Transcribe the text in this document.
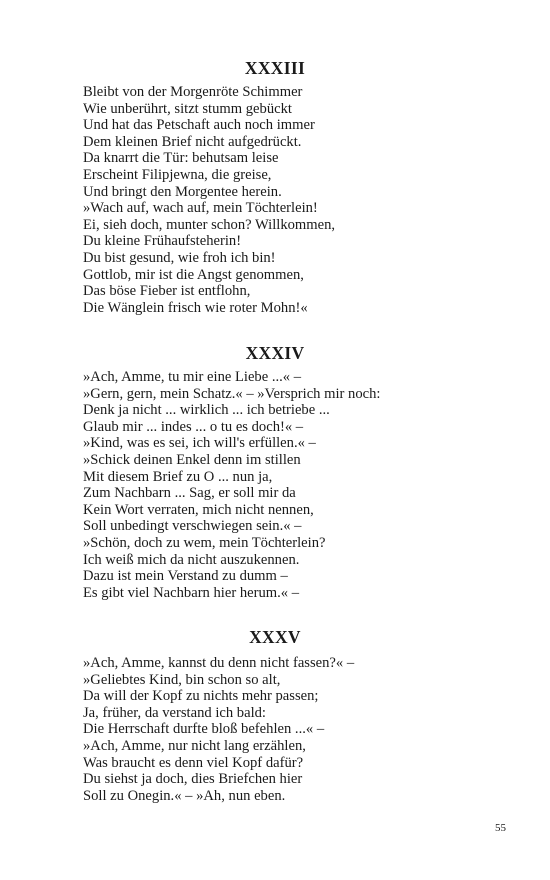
XXXIII
Bleibt von der Morgenröte Schimmer
Wie unberührt, sitzt stumm gebückt
Und hat das Petschaft auch noch immer
Dem kleinen Brief nicht aufgedrückt.
Da knarrt die Tür: behutsam leise
Erscheint Filipjewna, die greise,
Und bringt den Morgentee herein.
»Wach auf, wach auf, mein Töchterlein!
Ei, sieh doch, munter schon? Willkommen,
Du kleine Frühaufsteherin!
Du bist gesund, wie froh ich bin!
Gottlob, mir ist die Angst genommen,
Das böse Fieber ist entflohn,
Die Wänglein frisch wie roter Mohn!«
XXXIV
»Ach, Amme, tu mir eine Liebe ...« –
»Gern, gern, mein Schatz.« – »Versprich mir noch:
Denk ja nicht ... wirklich ... ich betriebe ...
Glaub mir ... indes ... o tu es doch!« –
»Kind, was es sei, ich will's erfüllen.« –
»Schick deinen Enkel denn im stillen
Mit diesem Brief zu O ... nun ja,
Zum Nachbarn ... Sag, er soll mir da
Kein Wort verraten, mich nicht nennen,
Soll unbedingt verschwiegen sein.« –
»Schön, doch zu wem, mein Töchterlein?
Ich weiß mich da nicht auszukennen.
Dazu ist mein Verstand zu dumm –
Es gibt viel Nachbarn hier herum.« –
XXXV
»Ach, Amme, kannst du denn nicht fassen?« –
»Geliebtes Kind, bin schon so alt,
Da will der Kopf zu nichts mehr passen;
Ja, früher, da verstand ich bald:
Die Herrschaft durfte bloß befehlen ...« –
»Ach, Amme, nur nicht lang erzählen,
Was braucht es denn viel Kopf dafür?
Du siehst ja doch, dies Briefchen hier
Soll zu Onegin.« – »Ah, nun eben.
55
